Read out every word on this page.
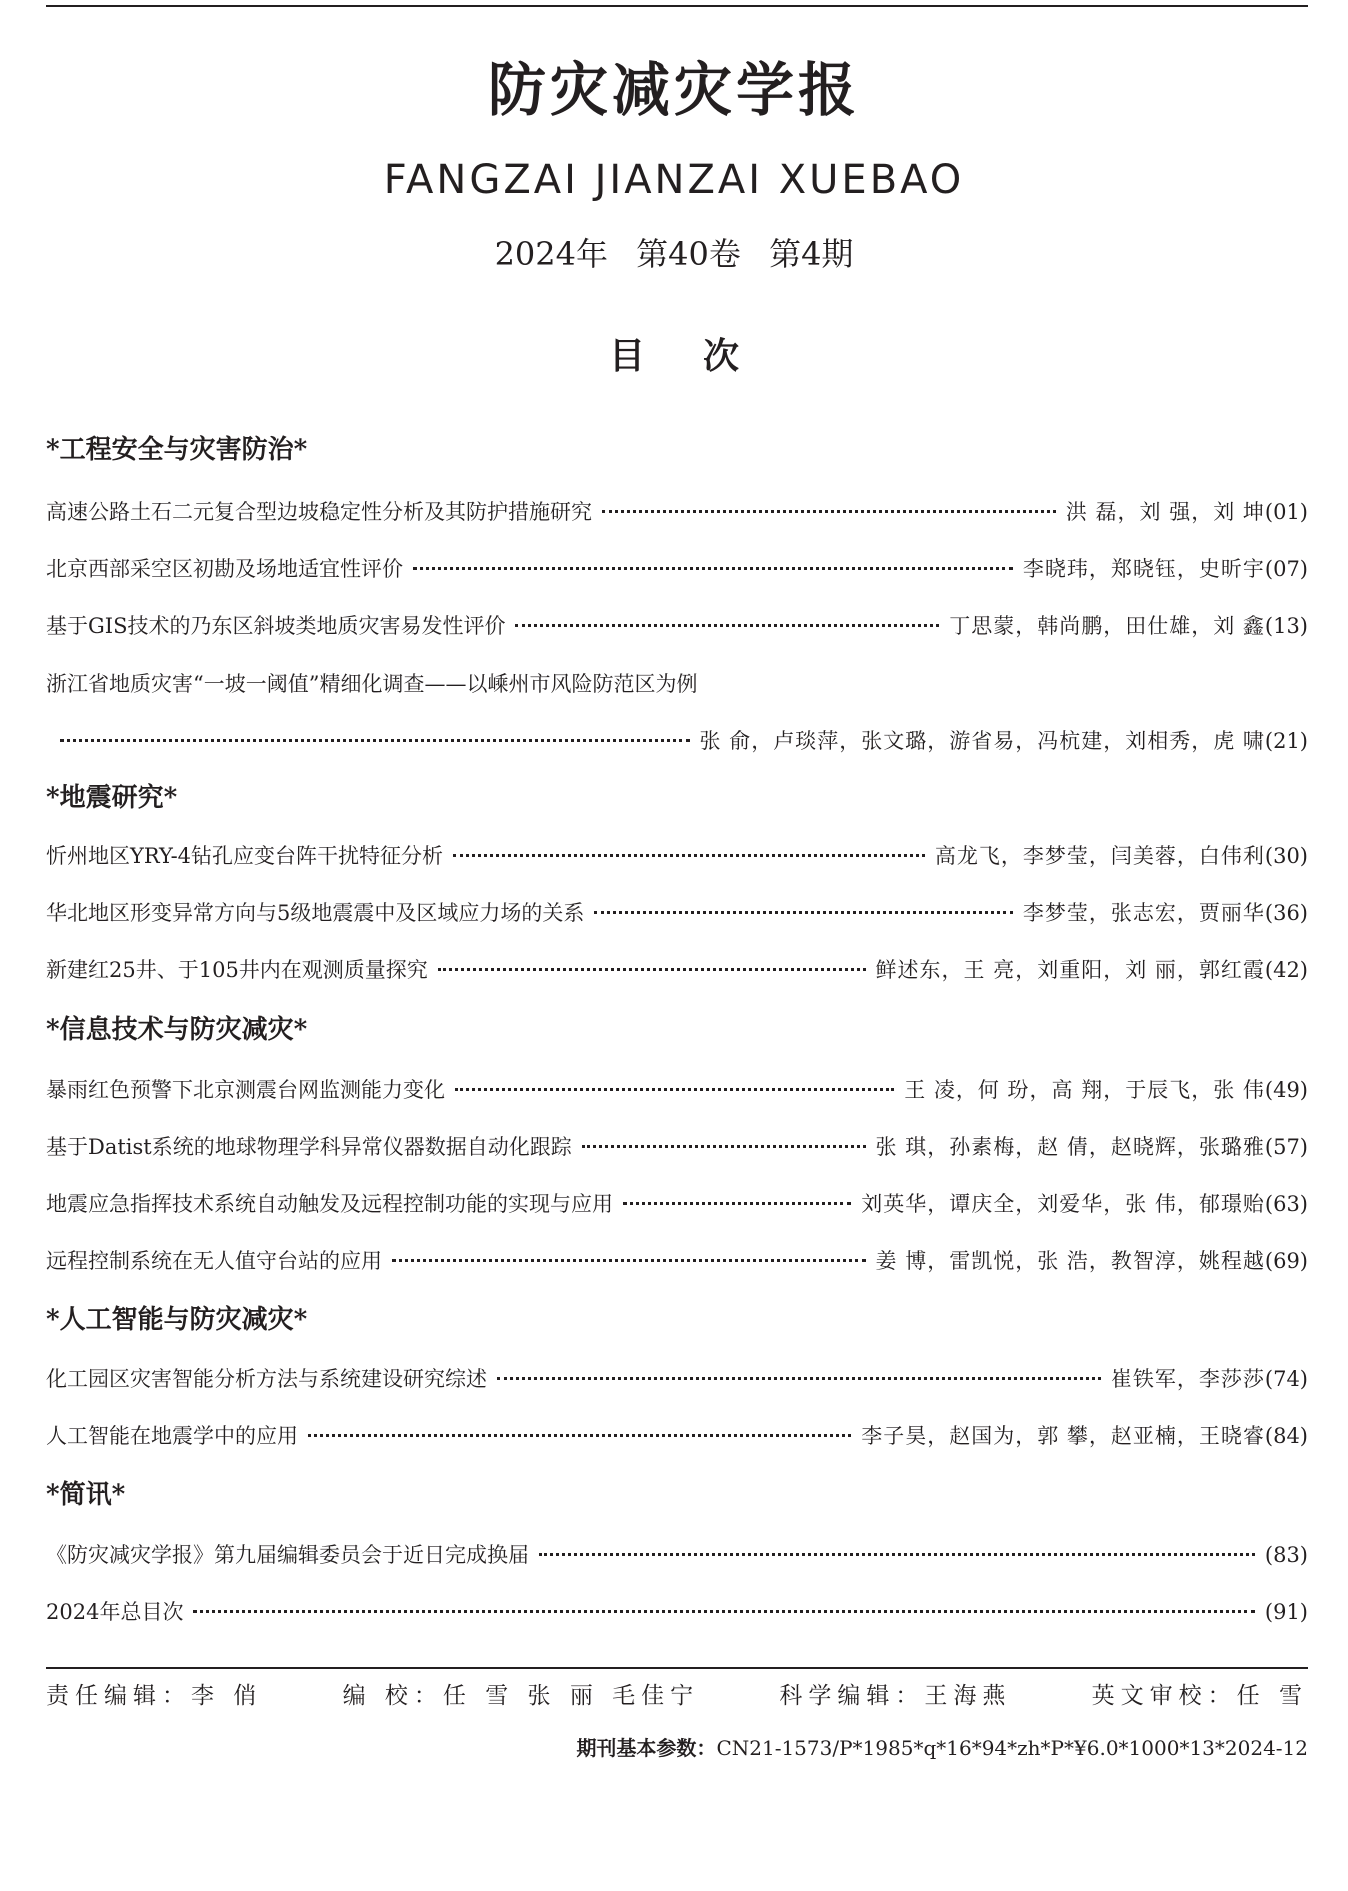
防灾减灾学报
FANGZAI JIANZAI XUEBAO
2024年 第40卷 第4期
目次
*工程安全与灾害防治*
高速公路土石二元复合型边坡稳定性分析及其防护措施研究	洪 磊，刘 强，刘 坤 (01)
北京西部采空区初勘及场地适宜性评价	李晓玮，郑晓钰，史昕宇 (07)
基于GIS技术的乃东区斜坡类地质灾害易发性评价	丁思蒙，韩尚鹏，田仕雄，刘 鑫 (13)
浙江省地质灾害“一坡一阈值”精细化调查——以嵊州市风险防范区为例
张 俞，卢琰萍，张文璐，游省易，冯杭建，刘相秀，虎 啸 (21)
*地震研究*
忻州地区YRY-4钻孔应变台阵干扰特征分析	高龙飞，李梦莹，闫美蓉，白伟利 (30)
华北地区形变异常方向与5级地震震中及区域应力场的关系	李梦莹，张志宏，贾丽华 (36)
新建红25井、于105井内在观测质量探究	鲜述东，王 亮，刘重阳，刘 丽，郭红霞 (42)
*信息技术与防灾减灾*
暴雨红色预警下北京测震台网监测能力变化	王 凌，何 玢，高 翔，于辰飞，张 伟 (49)
基于Datist系统的地球物理学科异常仪器数据自动化跟踪	张 琪，孙素梅，赵 倩，赵晓辉，张璐雅 (57)
地震应急指挥技术系统自动触发及远程控制功能的实现与应用	刘英华，谭庆全，刘爱华，张 伟，郁璟贻 (63)
远程控制系统在无人值守台站的应用	姜 博，雷凯悦，张 浩，教智淳，姚程越 (69)
*人工智能与防灾减灾*
化工园区灾害智能分析方法与系统建设研究综述	崔铁军，李莎莎 (74)
人工智能在地震学中的应用	李子昊，赵国为，郭 攀，赵亚楠，王晓睿 (84)
*简讯*
《防灾减灾学报》第九届编辑委员会于近日完成换届	(83)
2024年总目次	(91)
责任编辑：李 俏	编 校：任 雪 张 丽 毛佳宁	科学编辑：王海燕	英文审校：任 雪
期刊基本参数：CN21-1573/P*1985*q*16*94*zh*P*¥6.0*1000*13*2024-12
